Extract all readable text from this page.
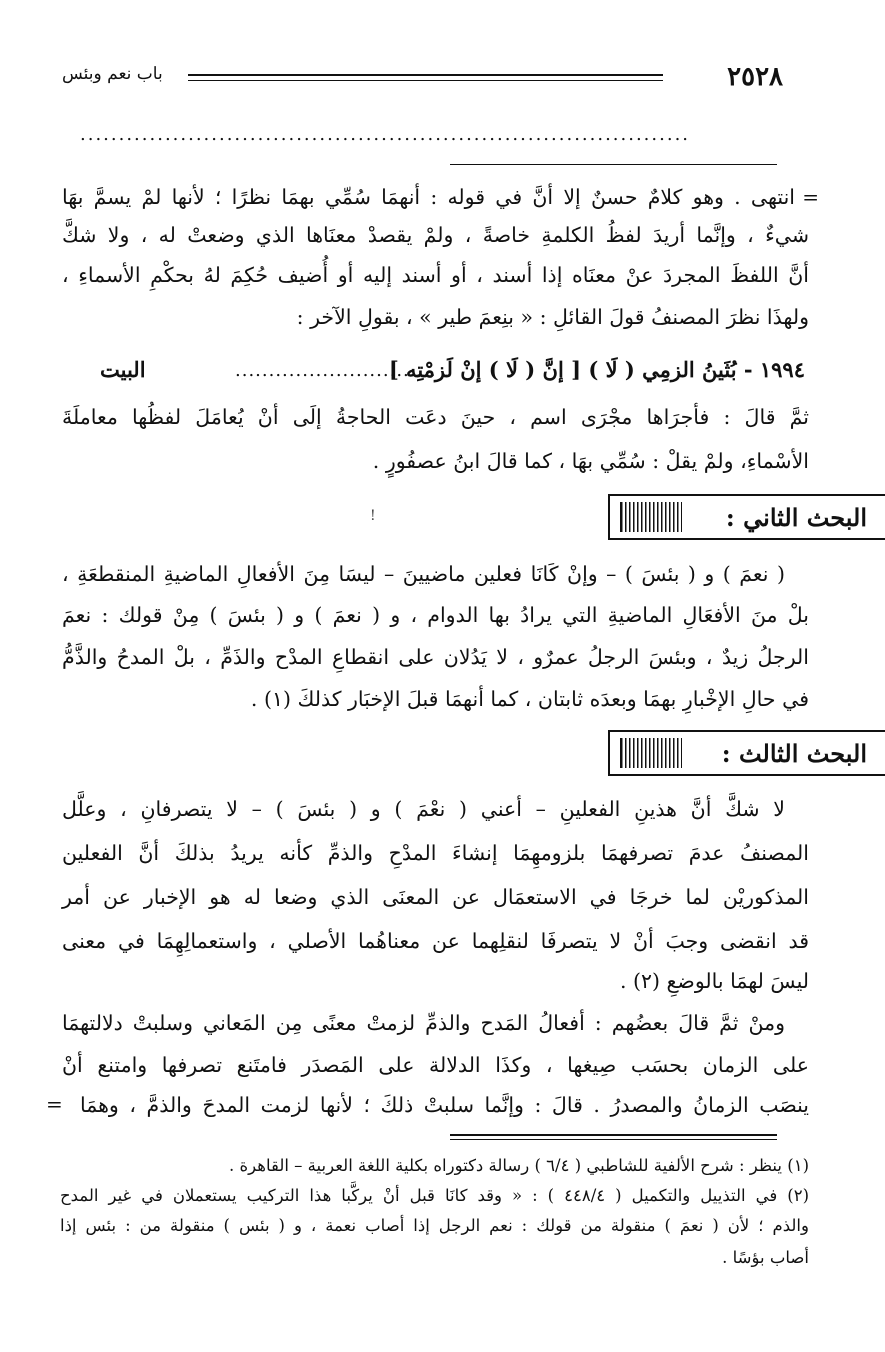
٢٥٢٨
باب نعم وبئس
...............................................................................
=
انتهى . وهو كلامٌ حسنٌ إلا أنَّ في قوله : أنهمَا سُمِّي بهمَا نظرًا ؛ لأنها لمْ يسمَّ بهَا
شيءٌ ، وإنَّما أريدَ لفظُ الكلمةِ خاصةً ، ولمْ يقصدْ معنَاها الذي وضعتْ له ، ولا شكَّ
أنَّ اللفظَ المجردَ عنْ معنَاه إذا أسند ، أو أسند إليه أو أُضيف حُكِمَ لهُ بحكْمِ الأسماءِ ،
ولهذَا نظرَ المصنفُ قولَ القائلِ : « بنِعمَ طير » ، بقولِ الآخر :
١٩٩٤ - بُثَينُ الزمِي ( لَا ) [ إنَّ ( لَا ) إنْ لَزمْتِه ]
..............................
البيت
ثمَّ قالَ : فأجرَاها مجْرَى اسم ، حينَ دعَت الحاجةُ إلَى أنْ يُعامَلَ لفظُها معاملَةَ
الأسْماءِ، ولمْ يقلْ : سُمِّي بهَا ، كما قالَ ابنُ عصفُورٍ .
البحث الثاني :
!
( نعمَ ) و ( بئسَ ) – وإنْ كَانَا فعلين ماضيينَ – ليسَا مِنَ الأفعالِ الماضيةِ المنقطعَةِ ،
بلْ منَ الأفعَالِ الماضيةِ التي يرادُ بها الدوام ، و ( نعمَ ) و ( بئسَ ) مِنْ قولك : نعمَ
الرجلُ زيدٌ ، وبئسَ الرجلُ عمرٌو ، لا يَدُلان على انقطاعِ المدْح والذَمِّ ، بلْ المدحُ والذَّمُّ
في حالِ الإخْبارِ بهمَا وبعدَه ثابتان ، كما أنهمَا قبلَ الإخبَار كذلكَ (١) .
البحث الثالث :
لا شكَّ أنَّ هذينِ الفعلينِ – أعني ( نعْمَ ) و ( بئسَ ) – لا يتصرفانِ ، وعلَّل
المصنفُ عدمَ تصرفهمَا بلزومهِمَا إنشاءَ المدْحِ والذمِّ كأنه يريدُ بذلكَ أنَّ الفعلين
المذكوريْن لما خرجَا في الاستعمَال عن المعنَى الذي وضعا له هو الإخبار عن أمر
قد انقضى وجبَ أنْ لا يتصرفَا لنقلِهما عن معناهُما الأصلي ، واستعمالِهِمَا في معنى
ليسَ لهمَا بالوضعِ (٢) .
ومنْ ثمَّ قالَ بعضُهم : أفعالُ المَدح والذمِّ لزمتْ معنًى مِن المَعاني وسلبتْ دلالتهمَا
على الزمان بحسَب صِيغها ، وكذَا الدلالة على المَصدَر فامتَنع تصرفها وامتنع أنْ
ينصَب الزمانُ والمصدرُ . قالَ : وإنَّما سلبتْ ذلكَ ؛ لأنها لزمت المدحَ والذمَّ ، وهمَا
=
(١) ينظر : شرح الألفية للشاطبي ( ٦/٤ ) رسالة دكتوراه بكلية اللغة العربية – القاهرة .
(٢) في التذييل والتكميل ( ٤٤٨/٤ ) : « وقد كانَا قبل أنْ يركَّبا هذا التركيب يستعملان في غير المدح
والذم ؛ لأن ( نعمَ ) منقولة من قولك : نعم الرجل إذا أصاب نعمة ، و ( بئس ) منقولة من : بئس إذا
أصاب بؤسًا .
